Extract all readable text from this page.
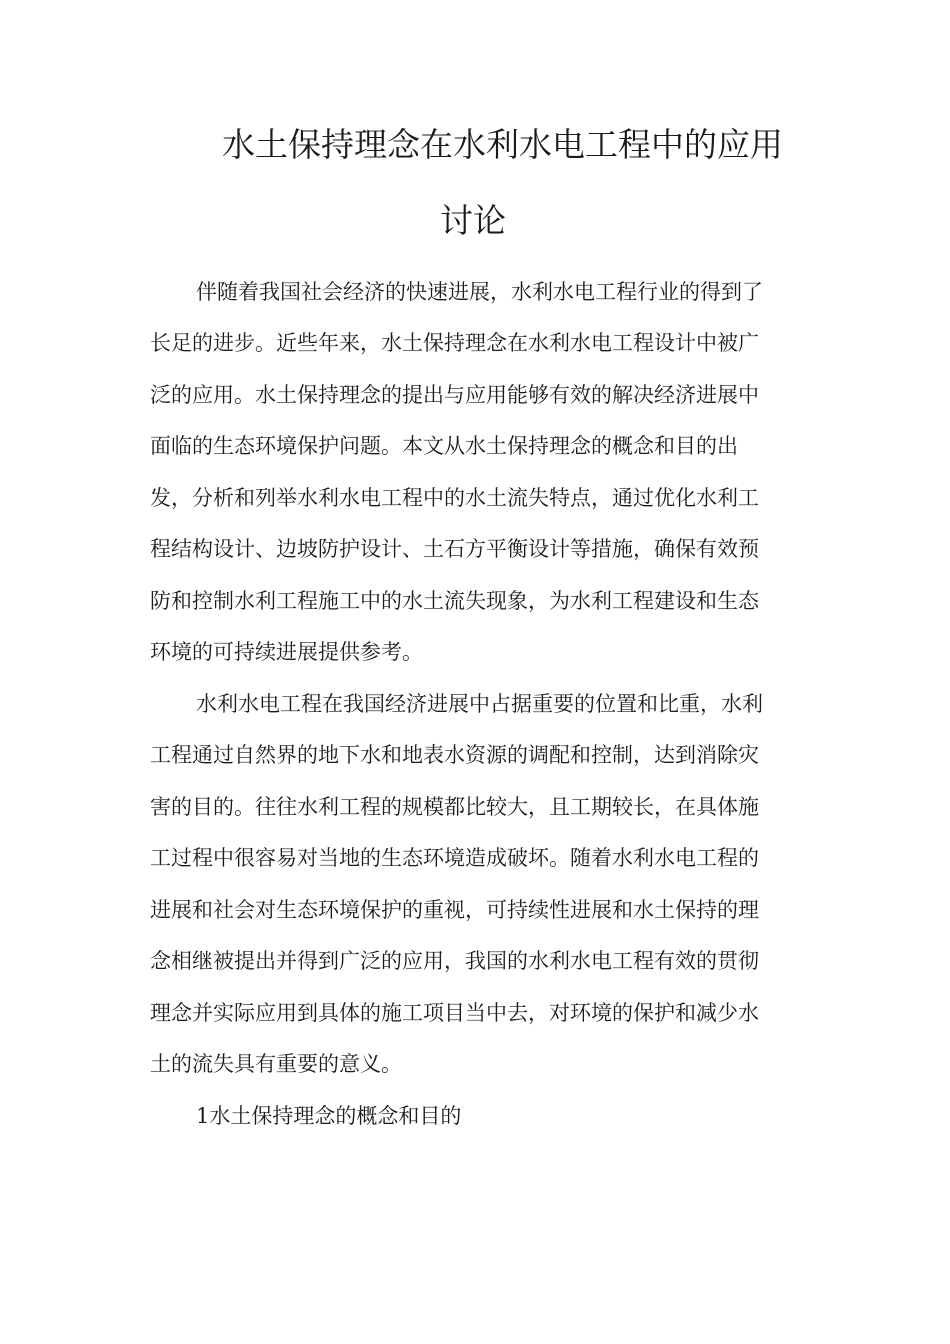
水土保持理念在水利水电工程中的应用
讨论
伴随着我国社会经济的快速进展，水利水电工程行业的得到了
长足的进步。近些年来，水土保持理念在水利水电工程设计中被广
泛的应用。水土保持理念的提出与应用能够有效的解决经济进展中
面临的生态环境保护问题。本文从水土保持理念的概念和目的出
发，分析和列举水利水电工程中的水土流失特点，通过优化水利工
程结构设计、边坡防护设计、土石方平衡设计等措施，确保有效预
防和控制水利工程施工中的水土流失现象，为水利工程建设和生态
环境的可持续进展提供参考。
水利水电工程在我国经济进展中占据重要的位置和比重，水利
工程通过自然界的地下水和地表水资源的调配和控制，达到消除灾
害的目的。往往水利工程的规模都比较大，且工期较长，在具体施
工过程中很容易对当地的生态环境造成破坏。随着水利水电工程的
进展和社会对生态环境保护的重视，可持续性进展和水土保持的理
念相继被提出并得到广泛的应用，我国的水利水电工程有效的贯彻
理念并实际应用到具体的施工项目当中去，对环境的保护和减少水
土的流失具有重要的意义。
1水土保持理念的概念和目的
